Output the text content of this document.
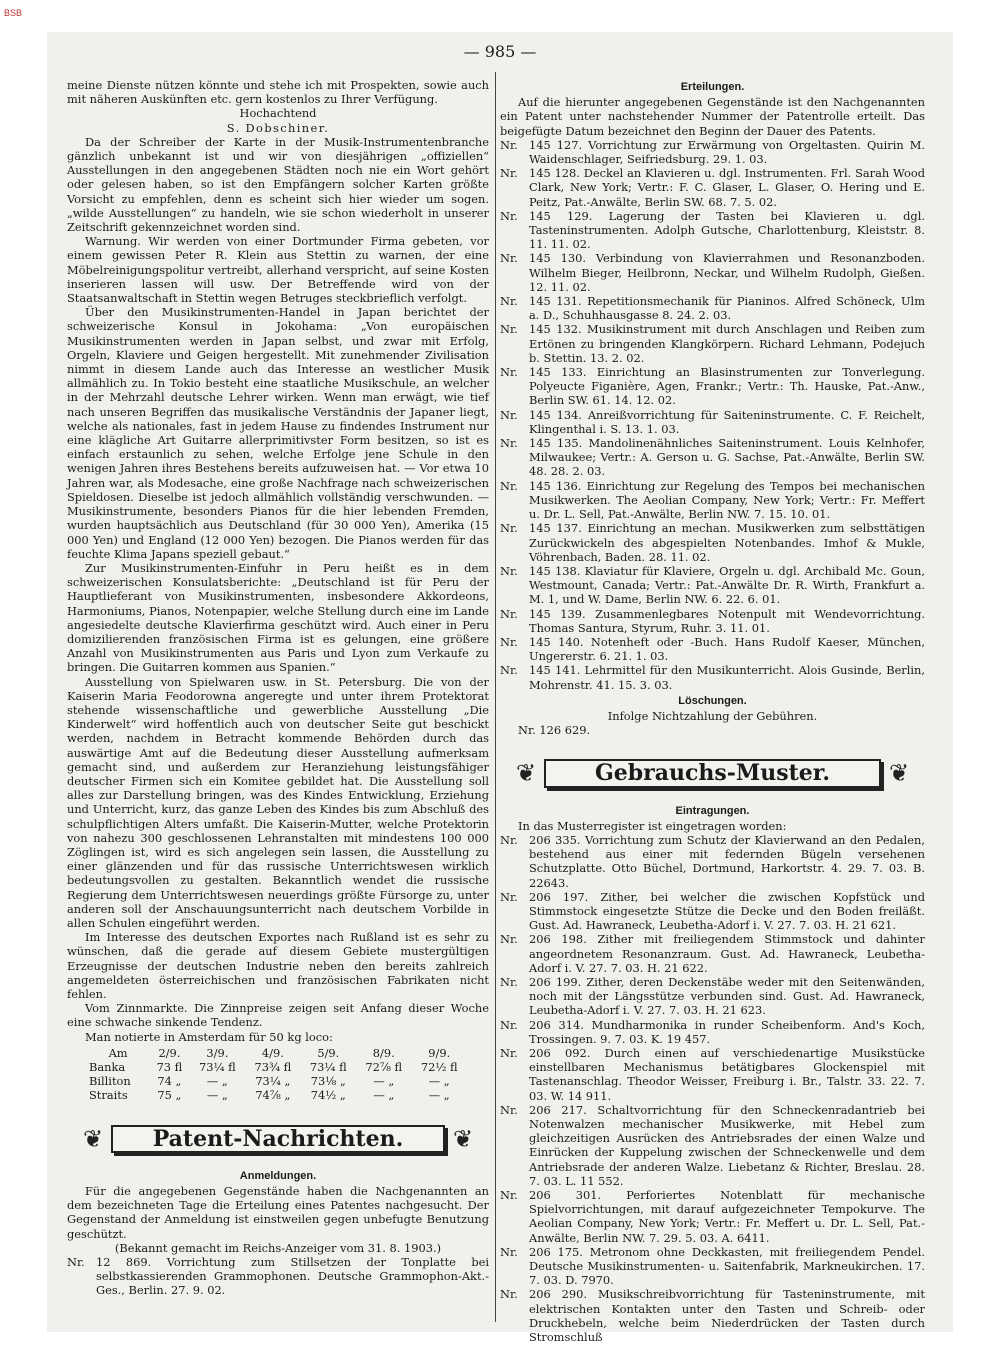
BSB
— 985 —

meine Dienste nützen könnte und stehe ich mit Prospekten, sowie auch mit näheren Auskünften etc. gern kostenlos zu Ihrer Verfügung.

Hochachtend

S. Dobschiner.

Da der Schreiber der Karte in der Musik-Instrumentenbranche gänzlich unbekannt ist und wir von diesjährigen „offiziellen“ Ausstellungen in den angegebenen Städten noch nie ein Wort gehört oder gelesen haben, so ist den Empfängern solcher Karten größte Vorsicht zu empfehlen, denn es scheint sich hier wieder um sogen. „wilde Ausstellungen“ zu handeln, wie sie schon wiederholt in unserer Zeitschrift gekennzeichnet worden sind.

Warnung. Wir werden von einer Dortmunder Firma gebeten, vor einem gewissen Peter R. Klein aus Stettin zu warnen, der eine Möbelreinigungspolitur vertreibt, allerhand verspricht, auf seine Kosten inserieren lassen will usw. Der Betreffende wird von der Staatsanwaltschaft in Stettin wegen Betruges steckbrieflich verfolgt.

Über den Musikinstrumenten-Handel in Japan berichtet der schweizerische Konsul in Jokohama: „Von europäischen Musikinstrumenten werden in Japan selbst, und zwar mit Erfolg, Orgeln, Klaviere und Geigen hergestellt. Mit zunehmender Zivilisation nimmt in diesem Lande auch das Interesse an westlicher Musik allmählich zu. In Tokio besteht eine staatliche Musikschule, an welcher in der Mehrzahl deutsche Lehrer wirken. Wenn man erwägt, wie tief nach unseren Begriffen das musikalische Verständnis der Japaner liegt, welche als nationales, fast in jedem Hause zu findendes Instrument nur eine klägliche Art Guitarre allerprimitivster Form besitzen, so ist es einfach erstaunlich zu sehen, welche Erfolge jene Schule in den wenigen Jahren ihres Bestehens bereits aufzuweisen hat. — Vor etwa 10 Jahren war, als Modesache, eine große Nachfrage nach schweizerischen Spieldosen. Dieselbe ist jedoch allmählich vollständig verschwunden. — Musikinstrumente, besonders Pianos für die hier lebenden Fremden, wurden hauptsächlich aus Deutschland (für 30 000 Yen), Amerika (15 000 Yen) und England (12 000 Yen) bezogen. Die Pianos werden für das feuchte Klima Japans speziell gebaut.“

Zur Musikinstrumenten-Einfuhr in Peru heißt es in dem schweizerischen Konsulatsberichte: „Deutschland ist für Peru der Hauptlieferant von Musikinstrumenten, insbesondere Akkordeons, Harmoniums, Pianos, Notenpapier, welche Stellung durch eine im Lande angesiedelte deutsche Klavierfirma geschützt wird. Auch einer in Peru domizilierenden französischen Firma ist es gelungen, eine größere Anzahl von Musikinstrumenten aus Paris und Lyon zum Verkaufe zu bringen. Die Guitarren kommen aus Spanien.“

Ausstellung von Spielwaren usw. in St. Petersburg. Die von der Kaiserin Maria Feodorowna angeregte und unter ihrem Protektorat stehende wissenschaftliche und gewerbliche Ausstellung „Die Kinderwelt“ wird hoffentlich auch von deutscher Seite gut beschickt werden, nachdem in Betracht kommende Behörden durch das auswärtige Amt auf die Bedeutung dieser Ausstellung aufmerksam gemacht sind, und außerdem zur Heranziehung leistungsfähiger deutscher Firmen sich ein Komitee gebildet hat. Die Ausstellung soll alles zur Darstellung bringen, was des Kindes Entwicklung, Erziehung und Unterricht, kurz, das ganze Leben des Kindes bis zum Abschluß des schulpflichtigen Alters umfaßt. Die Kaiserin-Mutter, welche Protektorin von nahezu 300 geschlossenen Lehranstalten mit mindestens 100 000 Zöglingen ist, wird es sich angelegen sein lassen, die Ausstellung zu einer glänzenden und für das russische Unterrichtswesen wirklich bedeutungsvollen zu gestalten. Bekanntlich wendet die russische Regierung dem Unterrichtswesen neuerdings größte Fürsorge zu, unter anderen soll der Anschauungsunterricht nach deutschem Vorbilde in allen Schulen eingeführt werden.

Im Interesse des deutschen Exportes nach Rußland ist es sehr zu wünschen, daß die gerade auf diesem Gebiete mustergültigen Erzeugnisse der deutschen Industrie neben den bereits zahlreich angemeldeten österreichischen und französischen Fabrikaten nicht fehlen.

Vom Zinnmarkte. Die Zinnpreise zeigen seit Anfang dieser Woche eine schwache sinkende Tendenz.

Man notierte in Amsterdam für 50 kg loco:

Am	2/9.	3/9.	4/9.	5/9.	8/9.	9/9.
Banka	73 fl	73¼ fl	73¾ fl	73¼ fl	72⅞ fl	72½ fl
Billiton	74 „	— „	73¼ „	73⅛ „	— „	— „
Straits	75 „	— „	74⅞ „	74½ „	— „	— „
❦	Patent-Nachrichten.	❦
Anmeldungen.

Für die angegebenen Gegenstände haben die Nachgenannten an dem bezeichneten Tage die Erteilung eines Patentes nachgesucht. Der Gegenstand der Anmeldung ist einstweilen gegen unbefugte Benutzung geschützt.

(Bekannt gemacht im Reichs-Anzeiger vom 31. 8. 1903.)

Nr. 12 869. Vorrichtung zum Stillsetzen der Tonplatte bei selbstkassierenden Grammophonen. Deutsche Grammophon-Akt.-Ges., Berlin. 27. 9. 02.
Erteilungen.

Auf die hierunter angegebenen Gegenstände ist den Nachgenannten ein Patent unter nachstehender Nummer der Patentrolle erteilt. Das beigefügte Datum bezeichnet den Beginn der Dauer des Patents.

Nr. 145 127. Vorrichtung zur Erwärmung von Orgeltasten. Quirin M. Waidenschlager, Seifriedsburg. 29. 1. 03.
Nr. 145 128. Deckel an Klavieren u. dgl. Instrumenten. Frl. Sarah Wood Clark, New York; Vertr.: F. C. Glaser, L. Glaser, O. Hering und E. Peitz, Pat.-Anwälte, Berlin SW. 68. 7. 5. 02.
Nr. 145 129. Lagerung der Tasten bei Klavieren u. dgl. Tasteninstrumenten. Adolph Gutsche, Charlottenburg, Kleiststr. 8. 11. 11. 02.
Nr. 145 130. Verbindung von Klavierrahmen und Resonanzboden. Wilhelm Bieger, Heilbronn, Neckar, und Wilhelm Rudolph, Gießen. 12. 11. 02.
Nr. 145 131. Repetitionsmechanik für Pianinos. Alfred Schöneck, Ulm a. D., Schuhhausgasse 8. 24. 2. 03.
Nr. 145 132. Musikinstrument mit durch Anschlagen und Reiben zum Ertönen zu bringenden Klangkörpern. Richard Lehmann, Podejuch b. Stettin. 13. 2. 02.
Nr. 145 133. Einrichtung an Blasinstrumenten zur Tonverlegung. Polyeucte Figanière, Agen, Frankr.; Vertr.: Th. Hauske, Pat.-Anw., Berlin SW. 61. 14. 12. 02.
Nr. 145 134. Anreißvorrichtung für Saiteninstrumente. C. F. Reichelt, Klingenthal i. S. 13. 1. 03.
Nr. 145 135. Mandolinenähnliches Saiteninstrument. Louis Kelnhofer, Milwaukee; Vertr.: A. Gerson u. G. Sachse, Pat.-Anwälte, Berlin SW. 48. 28. 2. 03.
Nr. 145 136. Einrichtung zur Regelung des Tempos bei mechanischen Musikwerken. The Aeolian Company, New York; Vertr.: Fr. Meffert u. Dr. L. Sell, Pat.-Anwälte, Berlin NW. 7. 15. 10. 01.
Nr. 145 137. Einrichtung an mechan. Musikwerken zum selbsttätigen Zurückwickeln des abgespielten Notenbandes. Imhof & Mukle, Vöhrenbach, Baden. 28. 11. 02.
Nr. 145 138. Klaviatur für Klaviere, Orgeln u. dgl. Archibald Mc. Goun, Westmount, Canada; Vertr.: Pat.-Anwälte Dr. R. Wirth, Frankfurt a. M. 1, und W. Dame, Berlin NW. 6. 22. 6. 01.
Nr. 145 139. Zusammenlegbares Notenpult mit Wendevorrichtung. Thomas Santura, Styrum, Ruhr. 3. 11. 01.
Nr. 145 140. Notenheft oder -Buch. Hans Rudolf Kaeser, München, Ungererstr. 6. 21. 1. 03.
Nr. 145 141. Lehrmittel für den Musikunterricht. Alois Gusinde, Berlin, Mohrenstr. 41. 15. 3. 03.
Löschungen.

Infolge Nichtzahlung der Gebühren.

Nr. 126 629.

❦	Gebrauchs-Muster.	❦
Eintragungen.

In das Musterregister ist eingetragen worden:

Nr. 206 335. Vorrichtung zum Schutz der Klavierwand an den Pedalen, bestehend aus einer mit federnden Bügeln versehenen Schutzplatte. Otto Büchel, Dortmund, Harkortstr. 4. 29. 7. 03. B. 22643.
Nr. 206 197. Zither, bei welcher die zwischen Kopfstück und Stimmstock eingesetzte Stütze die Decke und den Boden freiläßt. Gust. Ad. Hawraneck, Leubetha-Adorf i. V. 27. 7. 03. H. 21 621.
Nr. 206 198. Zither mit freiliegendem Stimmstock und dahinter angeordnetem Resonanzraum. Gust. Ad. Hawraneck, Leubetha-Adorf i. V. 27. 7. 03. H. 21 622.
Nr. 206 199. Zither, deren Deckenstäbe weder mit den Seitenwänden, noch mit der Längsstütze verbunden sind. Gust. Ad. Hawraneck, Leubetha-Adorf i. V. 27. 7. 03. H. 21 623.
Nr. 206 314. Mundharmonika in runder Scheibenform. And's Koch, Trossingen. 9. 7. 03. K. 19 457.
Nr. 206 092. Durch einen auf verschiedenartige Musikstücke einstellbaren Mechanismus betätigbares Glockenspiel mit Tastenanschlag. Theodor Weisser, Freiburg i. Br., Talstr. 33. 22. 7. 03. W. 14 911.
Nr. 206 217. Schaltvorrichtung für den Schneckenradantrieb bei Notenwalzen mechanischer Musikwerke, mit Hebel zum gleichzeitigen Ausrücken des Antriebsrades der einen Walze und Einrücken der Kuppelung zwischen der Schneckenwelle und dem Antriebsrade der anderen Walze. Liebetanz & Richter, Breslau. 28. 7. 03. L. 11 552.
Nr. 206 301. Perforiertes Notenblatt für mechanische Spielvorrichtungen, mit darauf aufgezeichneter Tempokurve. The Aeolian Company, New York; Vertr.: Fr. Meffert u. Dr. L. Sell, Pat.-Anwälte, Berlin NW. 7. 29. 5. 03. A. 6411.
Nr. 206 175. Metronom ohne Deckkasten, mit freiliegendem Pendel. Deutsche Musikinstrumenten- u. Saitenfabrik, Markneukirchen. 17. 7. 03. D. 7970.
Nr. 206 290. Musikschreibvorrichtung für Tasteninstrumente, mit elektrischen Kontakten unter den Tasten und Schreib- oder Druckhebeln, welche beim Niederdrücken der Tasten durch Stromschluß
